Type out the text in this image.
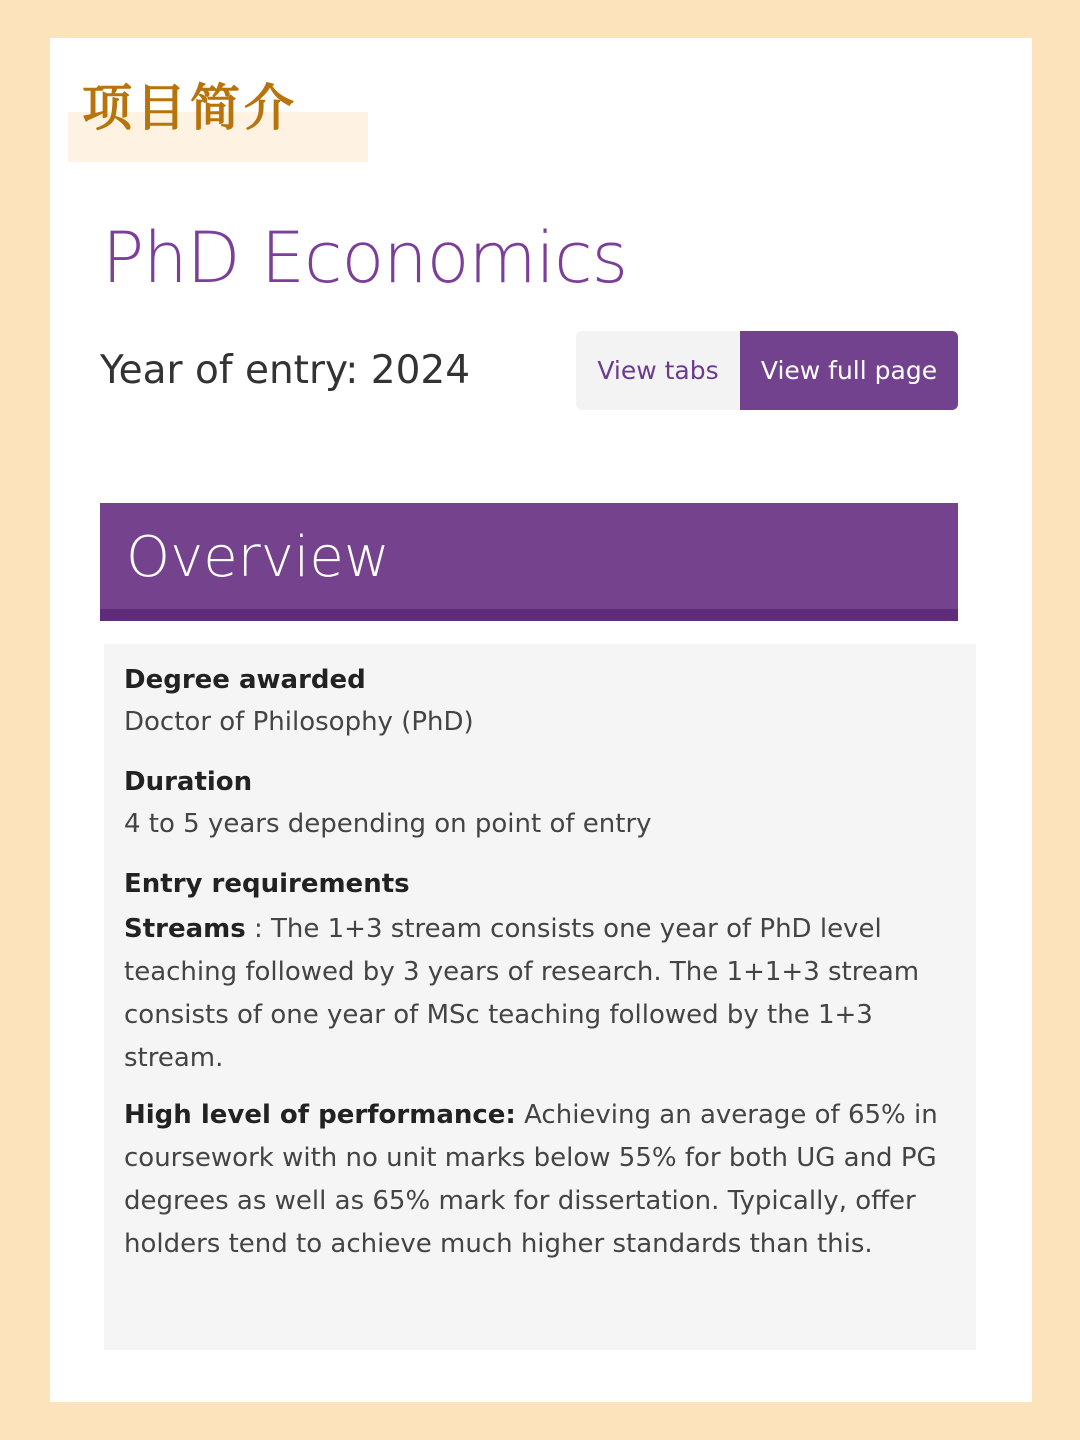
项目简介
PhD Economics
Year of entry: 2024	View tabs	View full page
Overview
Degree awarded
Doctor of Philosophy (PhD)
Duration
4 to 5 years depending on point of entry
Entry requirements

Streams : The 1+3 stream consists one year of PhD level teaching followed by 3 years of research. The 1+1+3 stream consists of one year of MSc teaching followed by the 1+3 stream.

High level of performance: Achieving an average of 65% in coursework with no unit marks below 55% for both UG and PG degrees as well as 65% mark for dissertation. Typically, offer holders tend to achieve much higher standards than this.
